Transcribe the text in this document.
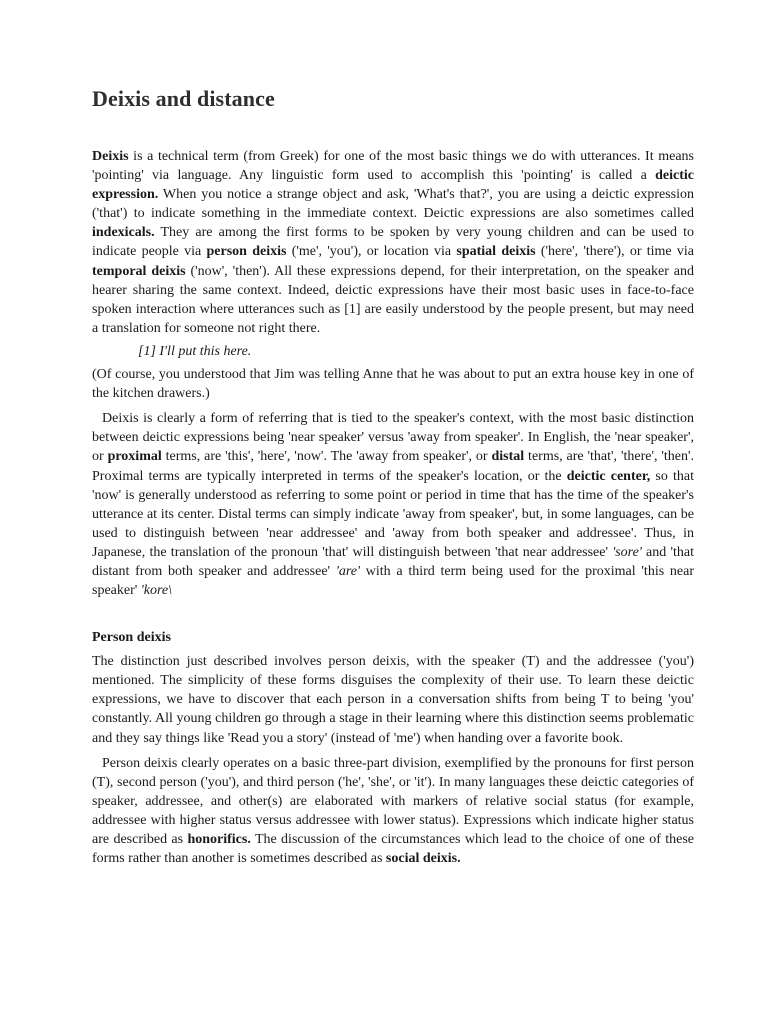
Deixis and distance

Deixis is a technical term (from Greek) for one of the most basic things we do with utterances. It means 'pointing' via language. Any linguistic form used to accomplish this 'pointing' is called a deictic expression. When you notice a strange object and ask, 'What's that?', you are using a deictic expression ('that') to indicate something in the immediate context. Deictic expressions are also sometimes called indexicals. They are among the first forms to be spoken by very young children and can be used to indicate people via person deixis ('me', 'you'), or location via spatial deixis ('here', 'there'), or time via temporal deixis ('now', 'then'). All these expressions depend, for their interpretation, on the speaker and hearer sharing the same context. Indeed, deictic expressions have their most basic uses in face-to-face spoken interaction where utterances such as [1] are easily understood by the people present, but may need a translation for someone not right there.

[1] I'll put this here.

(Of course, you understood that Jim was telling Anne that he was about to put an extra house key in one of the kitchen drawers.)

Deixis is clearly a form of referring that is tied to the speaker's context, with the most basic distinction between deictic expressions being 'near speaker' versus 'away from speaker'. In English, the 'near speaker', or proximal terms, are 'this', 'here', 'now'. The 'away from speaker', or distal terms, are 'that', 'there', 'then'. Proximal terms are typically interpreted in terms of the speaker's location, or the deictic center, so that 'now' is generally understood as referring to some point or period in time that has the time of the speaker's utterance at its center. Distal terms can simply indicate 'away from speaker', but, in some languages, can be used to distinguish between 'near addressee' and 'away from both speaker and addressee'. Thus, in Japanese, the translation of the pronoun 'that' will distinguish between 'that near addressee' 'sore' and 'that distant from both speaker and addressee' 'are' with a third term being used for the proximal 'this near speaker' 'kore\

Person deixis

The distinction just described involves person deixis, with the speaker (T) and the addressee ('you') mentioned. The simplicity of these forms disguises the complexity of their use. To learn these deictic expressions, we have to discover that each person in a conversation shifts from being T to being 'you' constantly. All young children go through a stage in their learning where this distinction seems problematic and they say things like 'Read you a story' (instead of 'me') when handing over a favorite book.

Person deixis clearly operates on a basic three-part division, exemplified by the pronouns for first person (T), second person ('you'), and third person ('he', 'she', or 'it'). In many languages these deictic categories of speaker, addressee, and other(s) are elaborated with markers of relative social status (for example, addressee with higher status versus addressee with lower status). Expressions which indicate higher status are described as honorifics. The discussion of the circumstances which lead to the choice of one of these forms rather than another is sometimes described as social deixis.
